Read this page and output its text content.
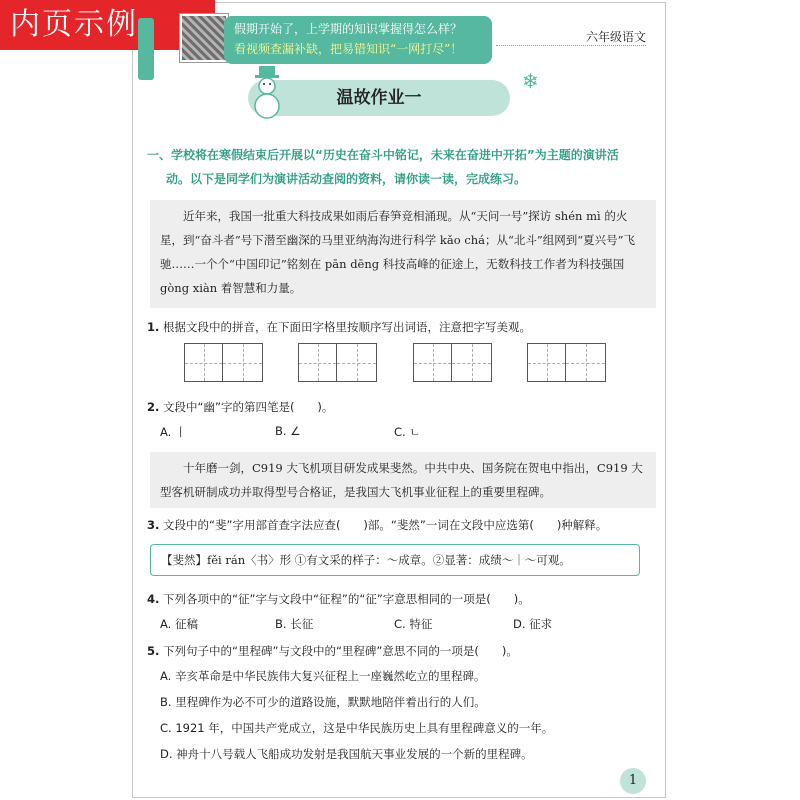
内页示例	假期开始了，上学期的知识掌握得怎么样？
看视频查漏补缺，把易错知识“一网打尽”！
六年级语文
温故作业一
❄
一、学校将在寒假结束后开展以“历史在奋斗中铭记，未来在奋进中开拓”为主题的演讲活
动。以下是同学们为演讲活动查阅的资料，请你读一读，完成练习。

近年来，我国一批重大科技成果如雨后春笋竞相涌现。从“天问一号”探访 shén mì 的火星，到“奋斗者”号下潜至幽深的马里亚纳海沟进行科学 kǎo chá；从“北斗”组网到“夏兴号”飞驰……一个个“中国印记”铭刻在 pān dēng 科技高峰的征途上，无数科技工作者为科技强国 gòng xiàn 着智慧和力量。

1. 根据文段中的拼音，在下面田字格里按顺序写出词语，注意把字写美观。
2. 文段中“幽”字的第四笔是(　　)。
A. 丨	B. ∠	C. ㄴ

十年磨一剑，C919 大飞机项目研发成果斐然。中共中央、国务院在贺电中指出，C919 大型客机研制成功并取得型号合格证，是我国大飞机事业征程上的重要里程碑。

3. 文段中的“斐”字用部首查字法应查(　　)部。“斐然”一词在文段中应选第(　　)种解释。
【斐然】fěi rán〈书〉形 ①有文采的样子：～成章。②显著：成绩～｜～可观。
4. 下列各项中的“征”字与文段中“征程”的“征”字意思相同的一项是(　　)。
A. 征稿	B. 长征	C. 特征	D. 征求
5. 下列句子中的“里程碑”与文段中的“里程碑”意思不同的一项是(　　)。
A. 辛亥革命是中华民族伟大复兴征程上一座巍然屹立的里程碑。
B. 里程碑作为必不可少的道路设施，默默地陪伴着出行的人们。
C. 1921 年，中国共产党成立，这是中华民族历史上具有里程碑意义的一年。
D. 神舟十八号载人飞船成功发射是我国航天事业发展的一个新的里程碑。
1
